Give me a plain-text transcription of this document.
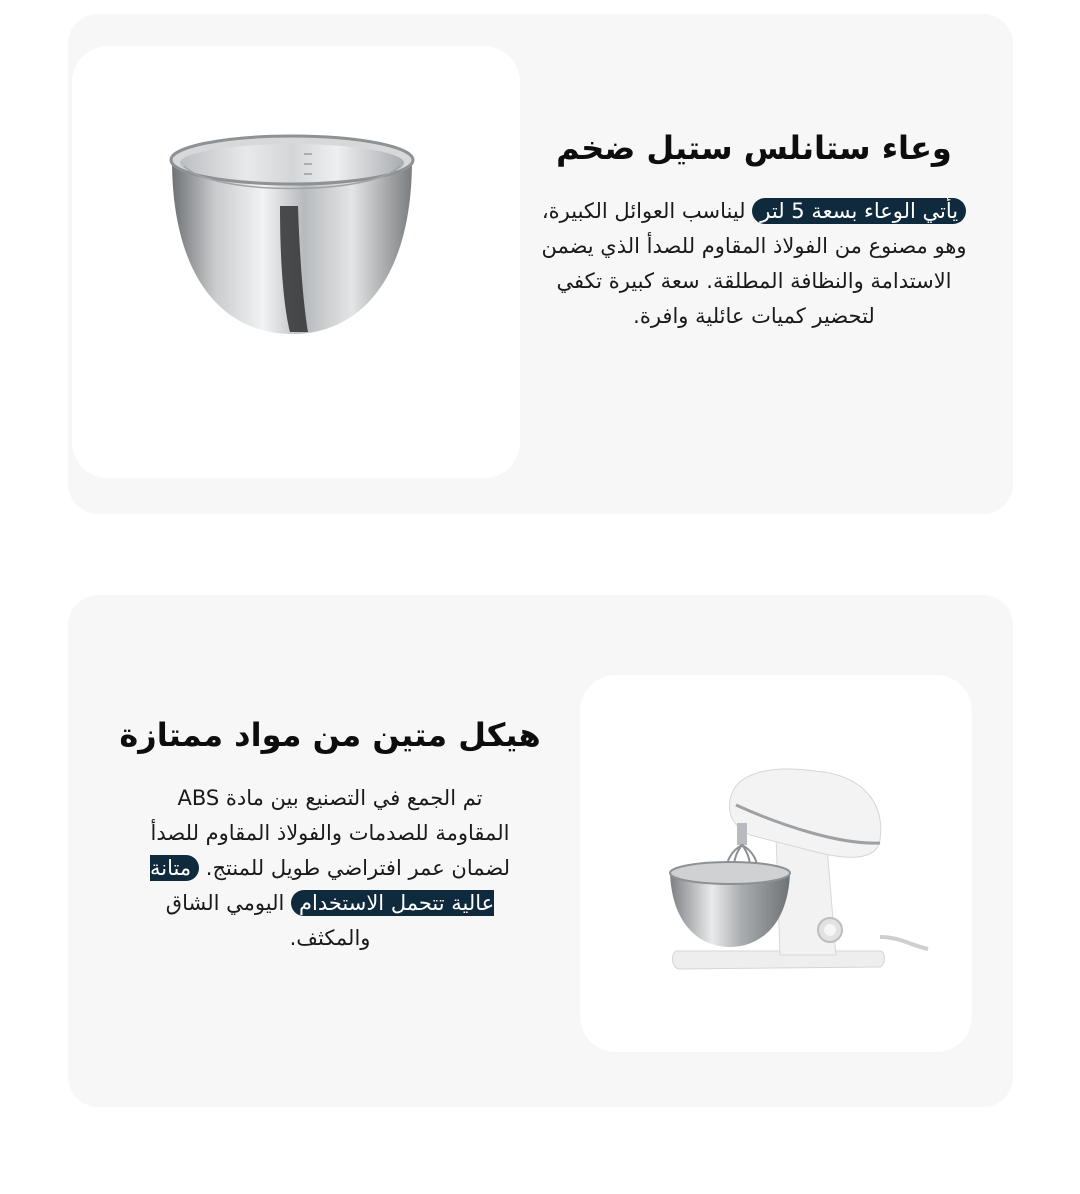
وعاء ستانلس ستيل ضخم
يأتي الوعاء بسعة 5 لتر ليناسب العوائل الكبيرة، وهو مصنوع من الفولاذ المقاوم للصدأ الذي يضمن الاستدامة والنظافة المطلقة. سعة كبيرة تكفي لتحضير كميات عائلية وافرة.
هيكل متين من مواد ممتازة
تم الجمع في التصنيع بين مادة ABS المقاومة للصدمات والفولاذ المقاوم للصدأ لضمان عمر افتراضي طويل للمنتج. متانة عالية تتحمل الاستخدام اليومي الشاق والمكثف.
